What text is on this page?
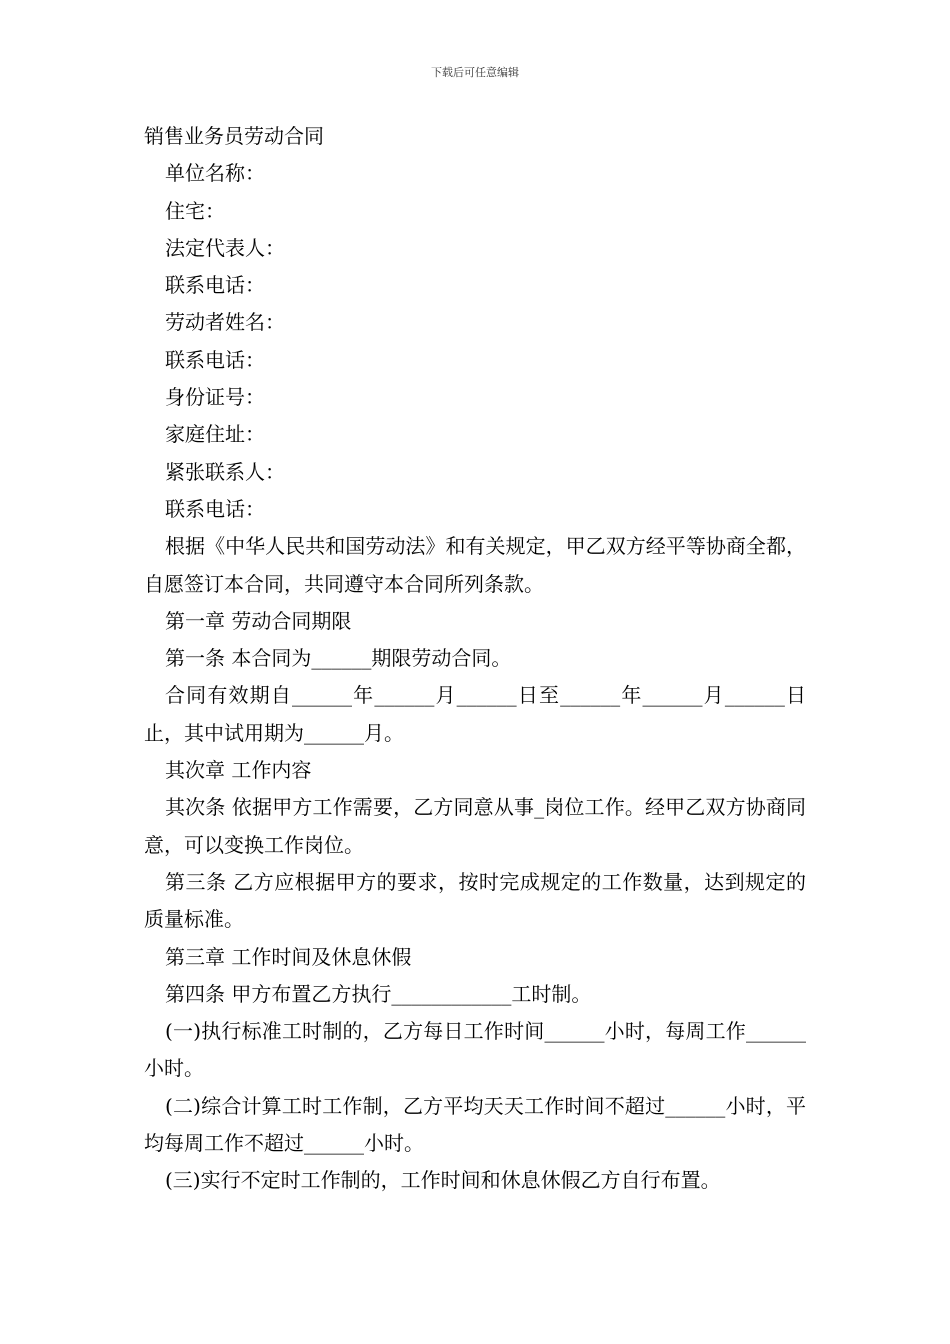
下载后可任意编辑

销售业务员劳动合同

单位名称：

住宅：

法定代表人：

联系电话：

劳动者姓名：

联系电话：

身份证号：

家庭住址：

紧张联系人：

联系电话：

根据《中华人民共和国劳动法》和有关规定，甲乙双方经平等协商全都，自愿签订本合同，共同遵守本合同所列条款。

第一章 劳动合同期限

第一条 本合同为______期限劳动合同。

合同有效期自______年______月______日至______年______月______日止，其中试用期为______月。

其次章 工作内容

其次条 依据甲方工作需要，乙方同意从事_岗位工作。经甲乙双方协商同意，可以变换工作岗位。

第三条 乙方应根据甲方的要求，按时完成规定的工作数量，达到规定的质量标准。

第三章 工作时间及休息休假

第四条 甲方布置乙方执行____________工时制。

(一)执行标准工时制的，乙方每日工作时间______小时，每周工作______小时。

(二)综合计算工时工作制，乙方平均天天工作时间不超过______小时，平均每周工作不超过______小时。

(三)实行不定时工作制的，工作时间和休息休假乙方自行布置。
